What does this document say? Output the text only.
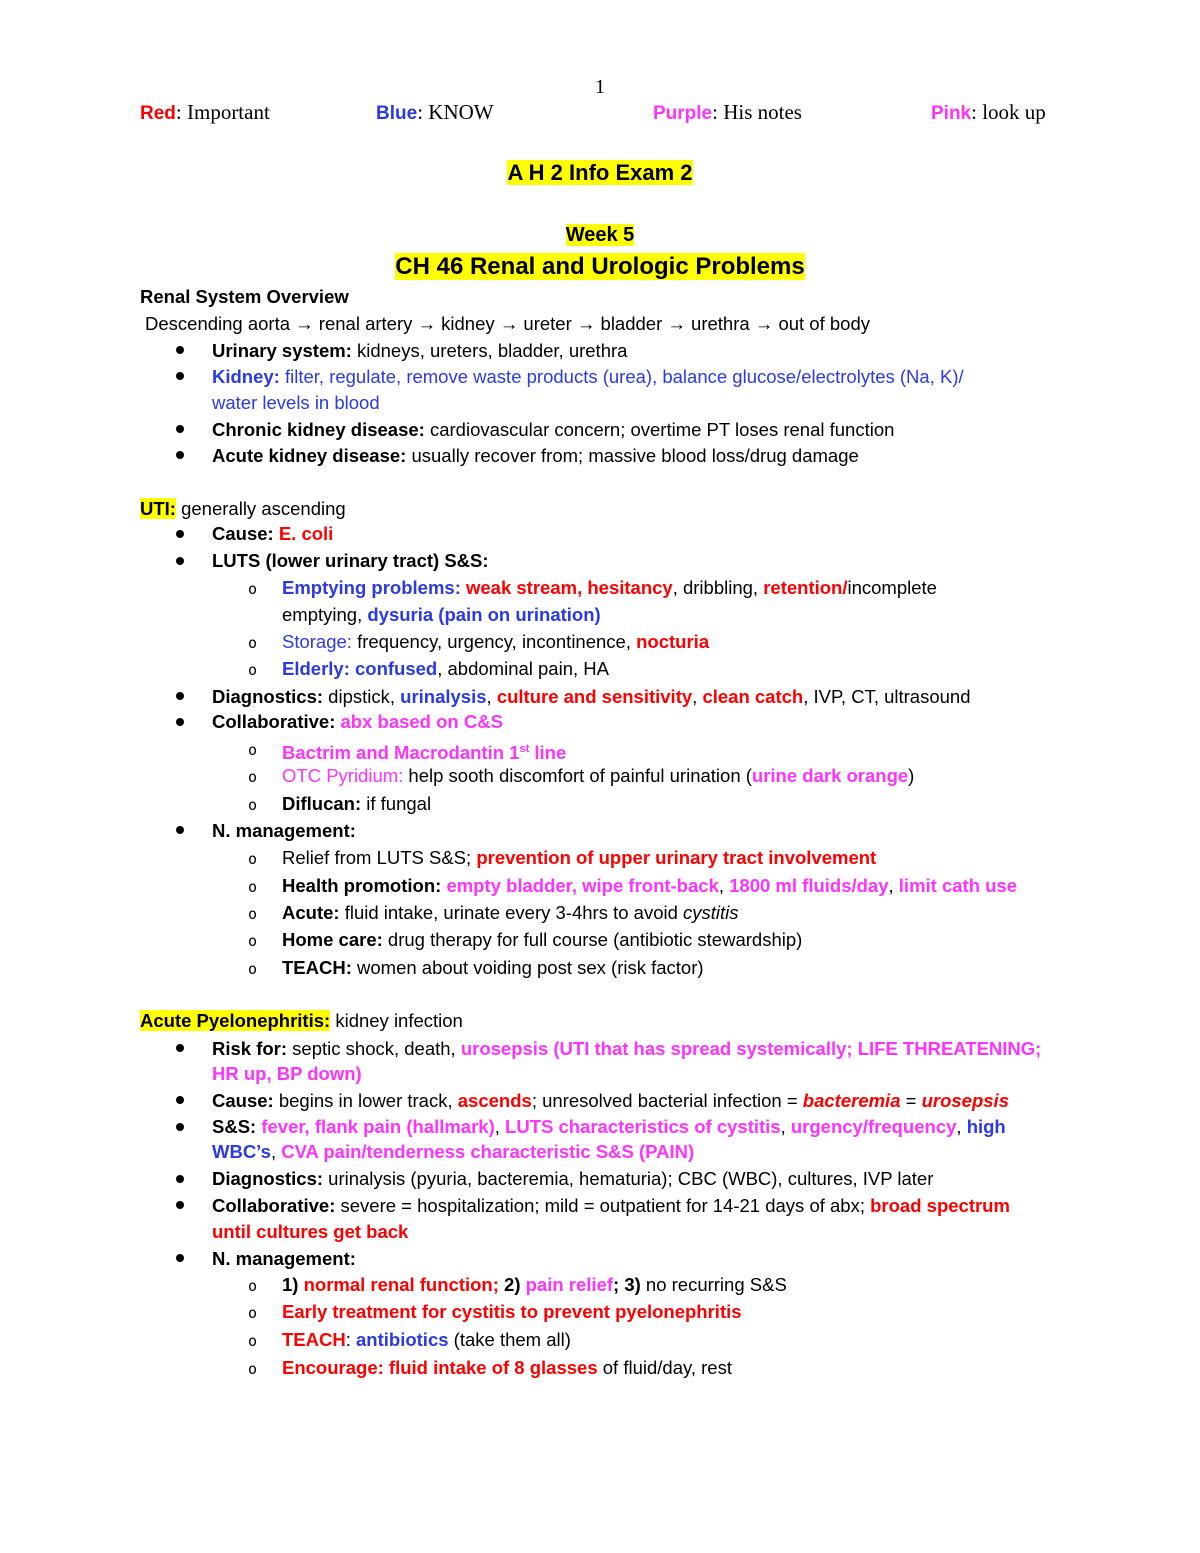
1
Red: Important	Blue: KNOW	Purple: His notes	Pink: look up
A H 2 Info Exam 2
Week 5
CH 46 Renal and Urologic Problems
Renal System Overview
Descending aorta → renal artery → kidney → ureter → bladder → urethra → out of body
Urinary system: kidneys, ureters, bladder, urethra
Kidney: filter, regulate, remove waste products (urea), balance glucose/electrolytes (Na, K)/
water levels in blood
Chronic kidney disease: cardiovascular concern; overtime PT loses renal function
Acute kidney disease: usually recover from; massive blood loss/drug damage
UTI: generally ascending
Cause: E. coli
LUTS (lower urinary tract) S&S:
o Emptying problems: weak stream, hesitancy, dribbling, retention/incomplete
emptying, dysuria (pain on urination)
o Storage: frequency, urgency, incontinence, nocturia
o Elderly: confused, abdominal pain, HA
Diagnostics: dipstick, urinalysis, culture and sensitivity, clean catch, IVP, CT, ultrasound
Collaborative: abx based on C&S
o Bactrim and Macrodantin 1st line
o OTC Pyridium: help sooth discomfort of painful urination (urine dark orange)
o Diflucan: if fungal
N. management:
o Relief from LUTS S&S; prevention of upper urinary tract involvement
o Health promotion: empty bladder, wipe front-back, 1800 ml fluids/day, limit cath use
o Acute: fluid intake, urinate every 3-4hrs to avoid cystitis
o Home care: drug therapy for full course (antibiotic stewardship)
o TEACH: women about voiding post sex (risk factor)
Acute Pyelonephritis: kidney infection
Risk for: septic shock, death, urosepsis (UTI that has spread systemically; LIFE THREATENING;
HR up, BP down)
Cause: begins in lower track, ascends; unresolved bacterial infection = bacteremia = urosepsis
S&S: fever, flank pain (hallmark), LUTS characteristics of cystitis, urgency/frequency, high
WBC’s, CVA pain/tenderness characteristic S&S (PAIN)
Diagnostics: urinalysis (pyuria, bacteremia, hematuria); CBC (WBC), cultures, IVP later
Collaborative: severe = hospitalization; mild = outpatient for 14-21 days of abx; broad spectrum
until cultures get back
N. management:
o 1) normal renal function; 2) pain relief; 3) no recurring S&S
o Early treatment for cystitis to prevent pyelonephritis
o TEACH: antibiotics (take them all)
o Encourage: fluid intake of 8 glasses of fluid/day, rest
